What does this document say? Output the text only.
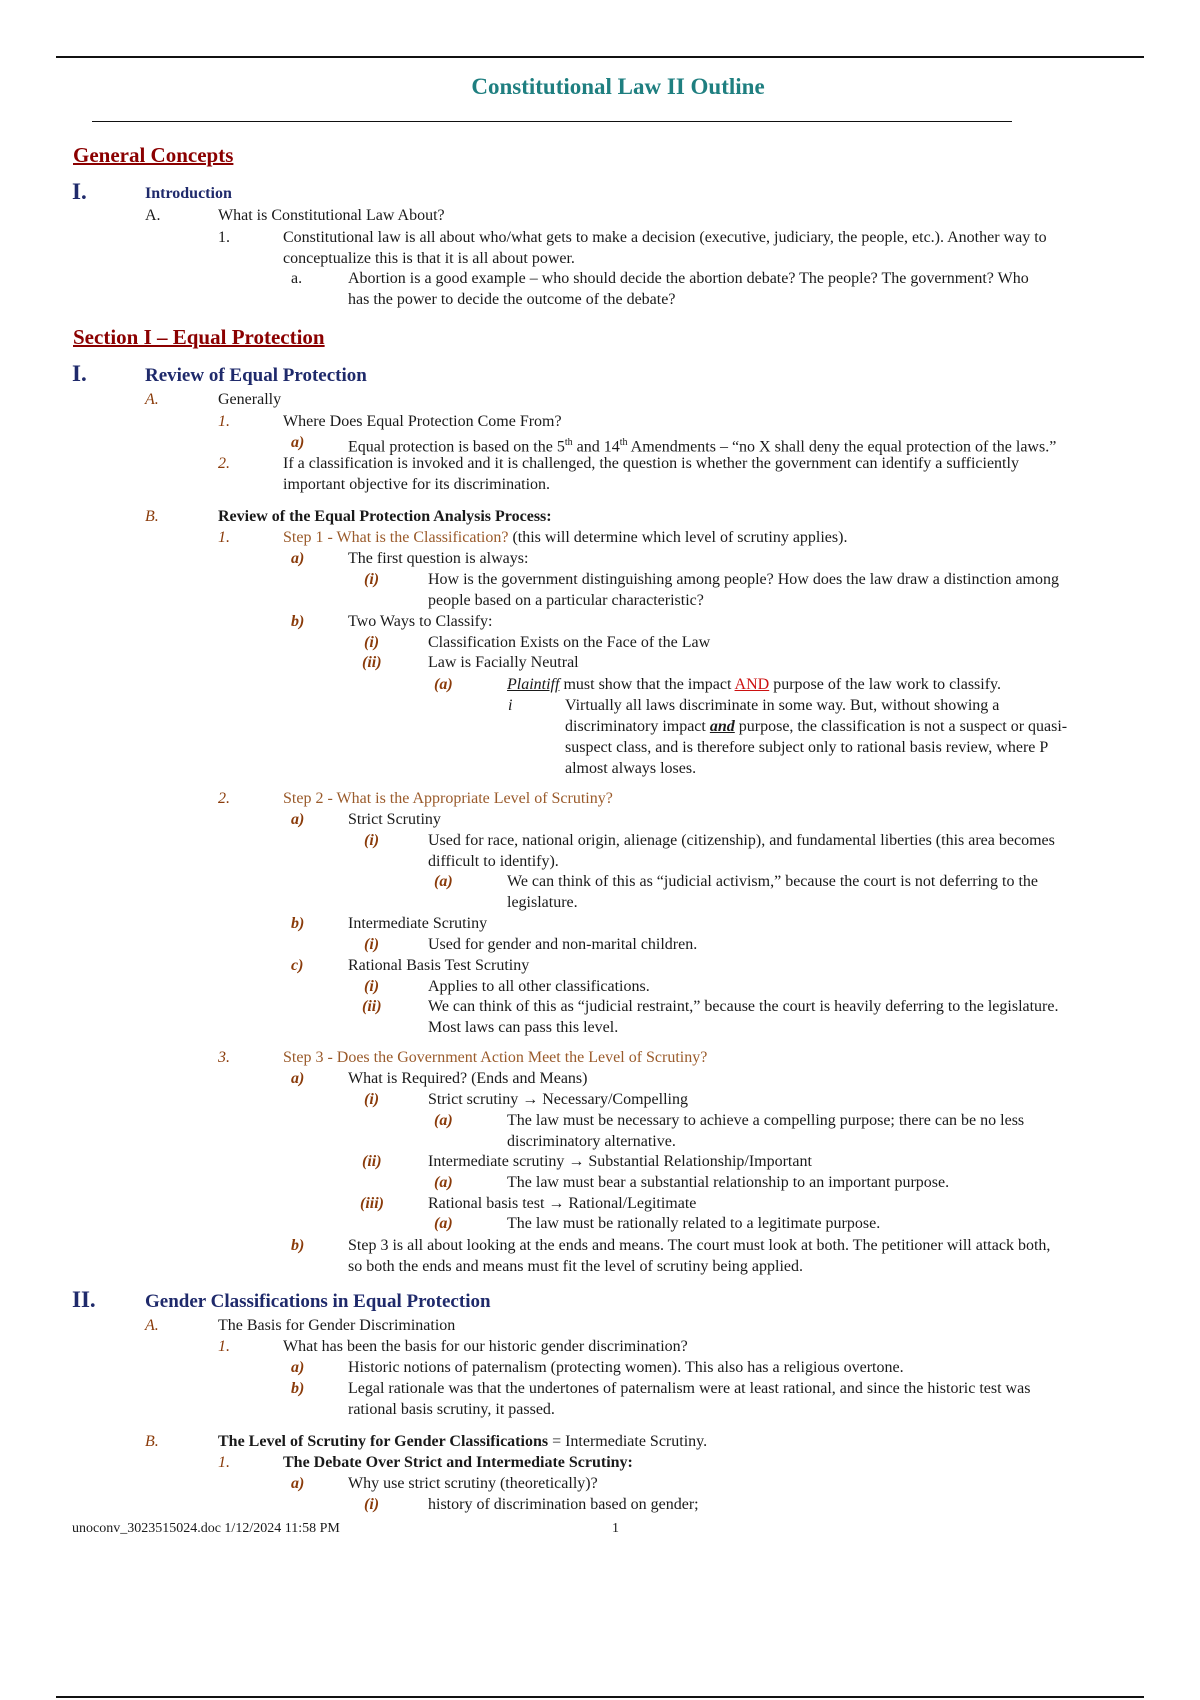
Constitutional Law II Outline
General Concepts
I.	Introduction
A.	What is Constitutional Law About?
1.	Constitutional law is all about who/what gets to make a decision (executive, judiciary, the people, etc.). Another way to
conceptualize this is that it is all about power.
a.	Abortion is a good example – who should decide the abortion debate? The people? The government? Who
has the power to decide the outcome of the debate?
Section I – Equal Protection
I.	Review of Equal Protection
A.	Generally
1.	Where Does Equal Protection Come From?
a)	Equal protection is based on the 5th and 14th Amendments – “no X shall deny the equal protection of the laws.”
2.	If a classification is invoked and it is challenged, the question is whether the government can identify a sufficiently
important objective for its discrimination.
B.	Review of the Equal Protection Analysis Process:
1.	Step 1 - What is the Classification? (this will determine which level of scrutiny applies).
a)	The first question is always:
(i)	How is the government distinguishing among people? How does the law draw a distinction among
people based on a particular characteristic?
b)	Two Ways to Classify:
(i)	Classification Exists on the Face of the Law
(ii)	Law is Facially Neutral
(a)	Plaintiff must show that the impact AND purpose of the law work to classify.
i	Virtually all laws discriminate in some way. But, without showing a
discriminatory impact and purpose, the classification is not a suspect or quasi-
suspect class, and is therefore subject only to rational basis review, where P
almost always loses.
2.	Step 2 - What is the Appropriate Level of Scrutiny?
a)	Strict Scrutiny
(i)	Used for race, national origin, alienage (citizenship), and fundamental liberties (this area becomes
difficult to identify).
(a)	We can think of this as “judicial activism,” because the court is not deferring to the
legislature.
b)	Intermediate Scrutiny
(i)	Used for gender and non-marital children.
c)	Rational Basis Test Scrutiny
(i)	Applies to all other classifications.
(ii)	We can think of this as “judicial restraint,” because the court is heavily deferring to the legislature.
Most laws can pass this level.
3.	Step 3 - Does the Government Action Meet the Level of Scrutiny?
a)	What is Required? (Ends and Means)
(i)	Strict scrutiny → Necessary/Compelling
(a)	The law must be necessary to achieve a compelling purpose; there can be no less
discriminatory alternative.
(ii)	Intermediate scrutiny → Substantial Relationship/Important
(a)	The law must bear a substantial relationship to an important purpose.
(iii)	Rational basis test → Rational/Legitimate
(a)	The law must be rationally related to a legitimate purpose.
b)	Step 3 is all about looking at the ends and means. The court must look at both. The petitioner will attack both,
so both the ends and means must fit the level of scrutiny being applied.
II.	Gender Classifications in Equal Protection
A.	The Basis for Gender Discrimination
1.	What has been the basis for our historic gender discrimination?
a)	Historic notions of paternalism (protecting women). This also has a religious overtone.
b)	Legal rationale was that the undertones of paternalism were at least rational, and since the historic test was
rational basis scrutiny, it passed.
B.	The Level of Scrutiny for Gender Classifications = Intermediate Scrutiny.
1.	The Debate Over Strict and Intermediate Scrutiny:
a)	Why use strict scrutiny (theoretically)?
(i)	history of discrimination based on gender;
unoconv_3023515024.doc 1/12/2024 11:58 PM	1
